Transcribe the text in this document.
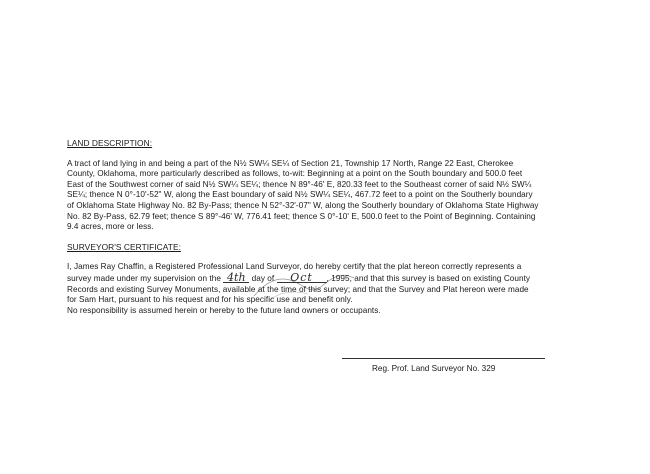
LAND DESCRIPTION:

A tract of land lying in and being a part of the N½ SW¼ SE¼ of Section 21, Township 17 North, Range 22 East, Cherokee
County, Oklahoma, more particularly described as follows, to-wit: Beginning at a point on the South boundary and 500.0 feet
East of the Southwest corner of said N½ SW¼ SE¼; thence N 89°-46' E, 820.33 feet to the Southeast corner of said N½ SW¼
SE¼; thence N 0°-10'-52" W, along the East boundary of said N½ SW¼ SE¼, 467.72 feet to a point on the Southerly boundary
of Oklahoma State Highway No. 82 By-Pass; thence N 52°-32'-07" W, along the Southerly boundary of Oklahoma State Highway
No. 82 By-Pass, 62.79 feet; thence S 89°-46' W, 776.41 feet; thence S 0°-10' E, 500.0 feet to the Point of Beginning. Containing
9.4 acres, more or less.

SURVEYOR'S CERTIFICATE:

I, James Ray Chaffin, a Registered Professional Land Surveyor, do hereby certify that the plat hereon correctly represents a
survey made under my supervision on the 4th day of Oct , 1995, and that this survey is based on existing County
Records and existing Survey Monuments, available at the time of this survey; and that the Survey and Plat hereon were made
for Sam Hart, pursuant to his request and for his specific use and benefit only.
No responsibility is assumed herein or hereby to the future land owners or occupants.

Reg. Prof. Land Surveyor No. 329
